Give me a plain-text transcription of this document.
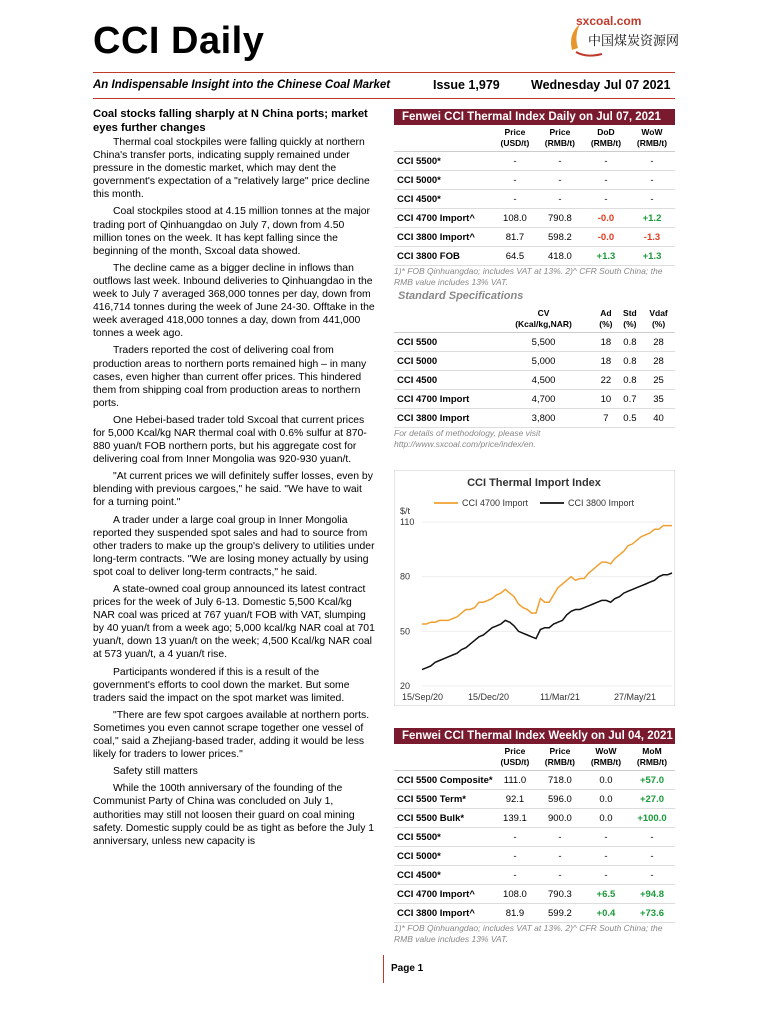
CCI Daily	sxcoal.com
中国煤炭资源网
An Indispensable Insight into the Chinese Coal Market	Issue 1,979	Wednesday Jul 07 2021
Coal stocks falling sharply at N China ports; market eyes further changes

Thermal coal stockpiles were falling quickly at northern China's transfer ports, indicating supply remained under pressure in the domestic market, which may dent the government's expectation of a "relatively large" price decline this month.

Coal stockpiles stood at 4.15 million tonnes at the major trading port of Qinhuangdao on July 7, down from 4.50 million tones on the week. It has kept falling since the beginning of the month, Sxcoal data showed.

The decline came as a bigger decline in inflows than outflows last week. Inbound deliveries to Qinhuangdao in the week to July 7 averaged 368,000 tonnes per day, down from 416,714 tonnes during the week of June 24-30. Offtake in the week averaged 418,000 tonnes a day, down from 441,000 tonnes a week ago.

Traders reported the cost of delivering coal from production areas to northern ports remained high – in many cases, even higher than current offer prices. This hindered them from shipping coal from production areas to northern ports.

One Hebei-based trader told Sxcoal that current prices for 5,000 Kcal/kg NAR thermal coal with 0.6% sulfur at 870-880 yuan/t FOB northern ports, but his aggregate cost for delivering coal from Inner Mongolia was 920-930 yuan/t.

"At current prices we will definitely suffer losses, even by blending with previous cargoes," he said. "We have to wait for a turning point."

A trader under a large coal group in Inner Mongolia reported they suspended spot sales and had to source from other traders to make up the group's delivery to utilities under long-term contracts. "We are losing money actually by using spot coal to deliver long-term contracts," he said.

A state-owned coal group announced its latest contract prices for the week of July 6-13. Domestic 5,500 Kcal/kg NAR coal was priced at 767 yuan/t FOB with VAT, slumping by 40 yuan/t from a week ago; 5,000 kcal/kg NAR coal at 701 yuan/t, down 13 yuan/t on the week; 4,500 Kcal/kg NAR coal at 573 yuan/t, a 4 yuan/t rise.

Participants wondered if this is a result of the government's efforts to cool down the market. But some traders said the impact on the spot market was limited.

"There are few spot cargoes available at northern ports. Sometimes you even cannot scrape together one vessel of coal," said a Zhejiang-based trader, adding it would be less likely for traders to lower prices."

Safety still matters

While the 100th anniversary of the founding of the Communist Party of China was concluded on July 1, authorities may still not loosen their guard on coal mining safety. Domestic supply could be as tight as before the July 1 anniversary, unless new capacity is

Fenwei CCI Thermal Index Daily on Jul 07, 2021
	Price
(USD/t)	Price
(RMB/t)	DoD
(RMB/t)	WoW
(RMB/t)
CCI 5500*	-	-	-	-
CCI 5000*	-	-	-	-
CCI 4500*	-	-	-	-
CCI 4700 Import^	108.0	790.8	-0.0	+1.2
CCI 3800 Import^	81.7	598.2	-0.0	-1.3
CCI 3800 FOB	64.5	418.0	+1.3	+1.3
1)* FOB Qinhuangdao; includes VAT at 13%. 2)^ CFR South China; the RMB value includes 13% VAT.
Standard Specifications
	CV
(Kcal/kg,NAR)	Ad
(%)	Std
(%)	Vdaf
(%)
CCI 5500	5,500	18	0.8	28
CCI 5000	5,000	18	0.8	28
CCI 4500	4,500	22	0.8	25
CCI 4700 Import	4,700	10	0.7	35
CCI 3800 Import	3,800	7	0.5	40
For details of methodology, please visit http://www.sxcoal.com/price/index/en.
CCI Thermal Import Index
CCI 4700 Import	CCI 3800 Import
$/t
20
50
80
110
15/Sep/20	15/Dec/20	11/Mar/21	27/May/21
Fenwei CCI Thermal Index Weekly on Jul 04, 2021
	Price
(USD/t)	Price
(RMB/t)	WoW
(RMB/t)	MoM
(RMB/t)
CCI 5500 Composite*	111.0	718.0	0.0	+57.0
CCI 5500 Term*	92.1	596.0	0.0	+27.0
CCI 5500 Bulk*	139.1	900.0	0.0	+100.0
CCI 5500*	-	-	-	-
CCI 5000*	-	-	-	-
CCI 4500*	-	-	-	-
CCI 4700 Import^	108.0	790.3	+6.5	+94.8
CCI 3800 Import^	81.9	599.2	+0.4	+73.6
1)* FOB Qinhuangdao; includes VAT at 13%. 2)^ CFR South China; the RMB value includes 13% VAT.
Page 1
